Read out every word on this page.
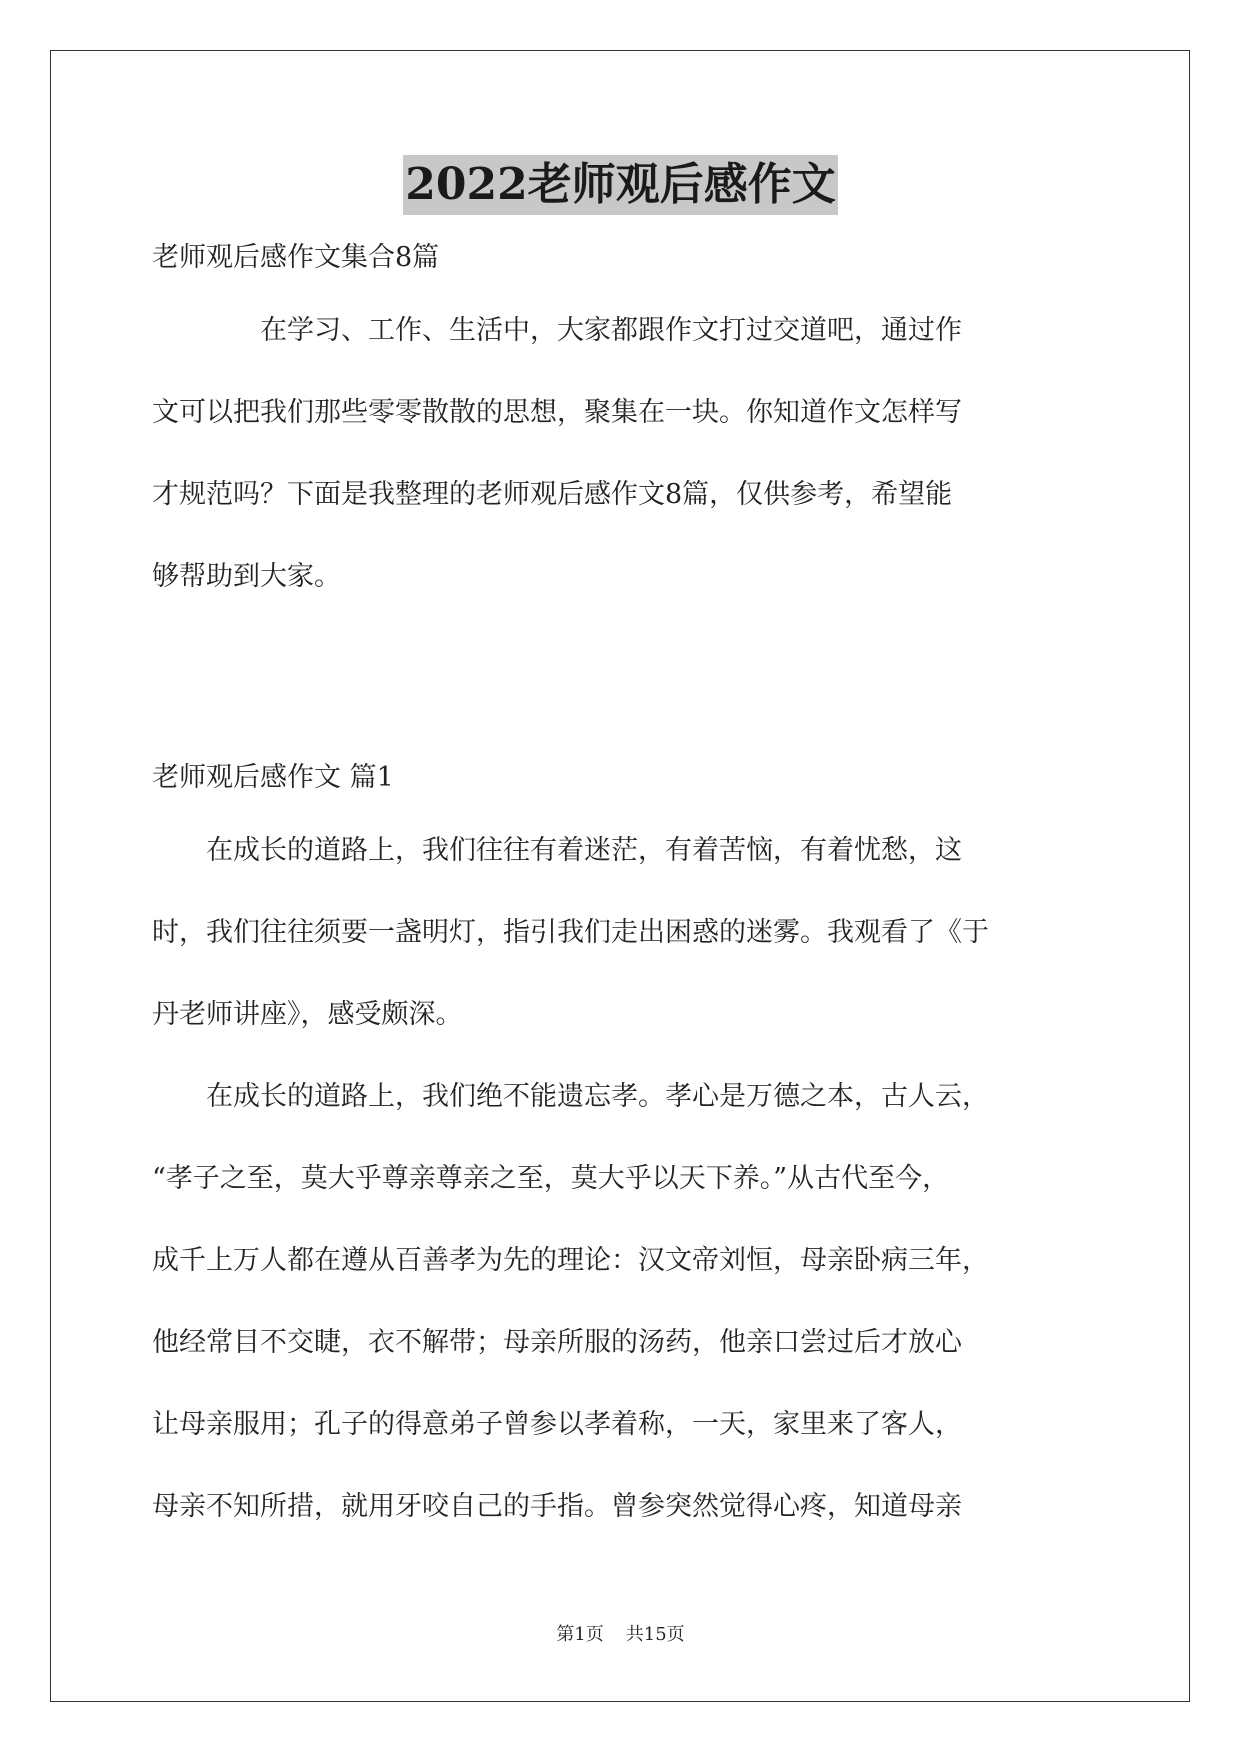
2022老师观后感作文
老师观后感作文集合8篇
　　　　在学习、工作、生活中，大家都跟作文打过交道吧，通过作
文可以把我们那些零零散散的思想，聚集在一块。你知道作文怎样写
才规范吗？下面是我整理的老师观后感作文8篇，仅供参考，希望能
够帮助到大家。
老师观后感作文 篇1
　　在成长的道路上，我们往往有着迷茫，有着苦恼，有着忧愁，这
时，我们往往须要一盏明灯，指引我们走出困惑的迷雾。我观看了《于
丹老师讲座》，感受颇深。
　　在成长的道路上，我们绝不能遗忘孝。孝心是万德之本，古人云，
“孝子之至，莫大乎尊亲尊亲之至，莫大乎以天下养。”从古代至今，
成千上万人都在遵从百善孝为先的理论：汉文帝刘恒，母亲卧病三年，
他经常目不交睫，衣不解带；母亲所服的汤药，他亲口尝过后才放心
让母亲服用；孔子的得意弟子曾参以孝着称，一天，家里来了客人，
母亲不知所措，就用牙咬自己的手指。曾参突然觉得心疼，知道母亲
第1页 共15页
